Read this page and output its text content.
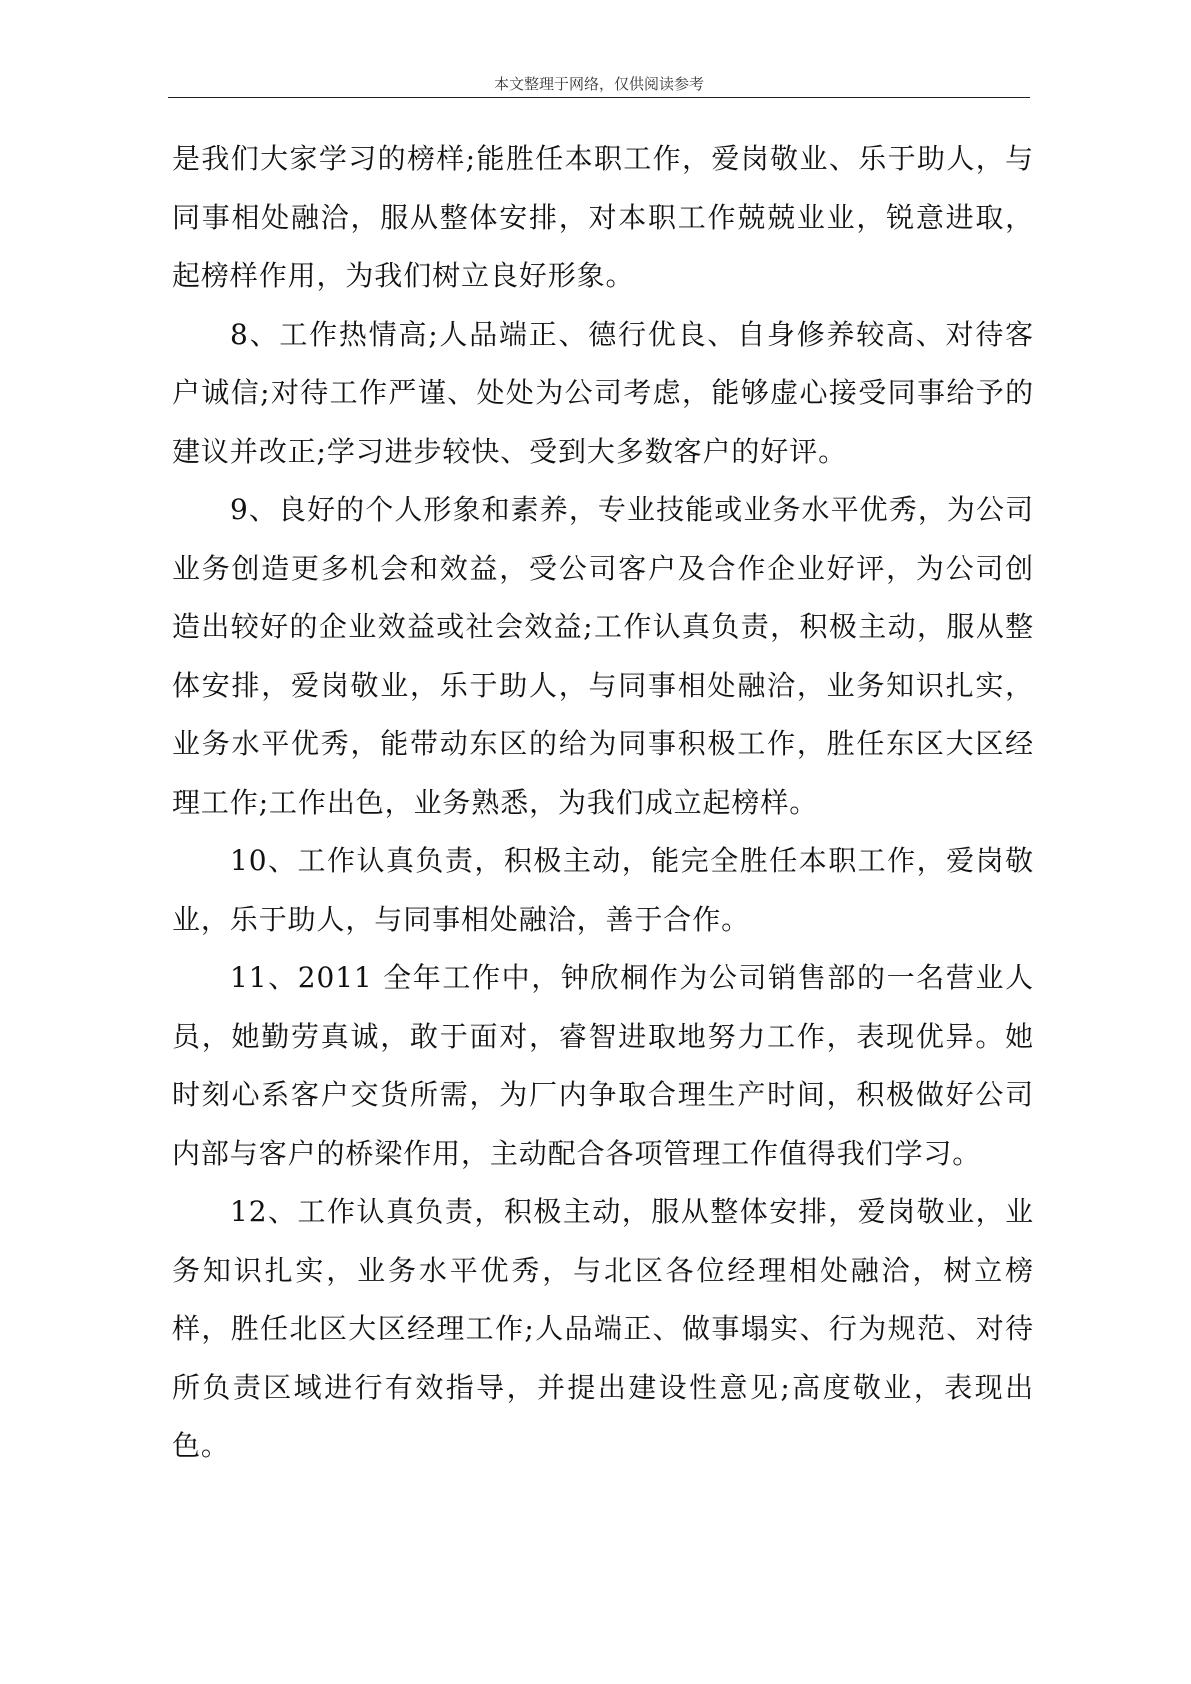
本文整理于网络，仅供阅读参考

是我们大家学习的榜样;能胜任本职工作，爱岗敬业、乐于助人，与同事相处融洽，服从整体安排，对本职工作兢兢业业，锐意进取，起榜样作用，为我们树立良好形象。

8、工作热情高;人品端正、德行优良、自身修养较高、对待客户诚信;对待工作严谨、处处为公司考虑，能够虚心接受同事给予的建议并改正;学习进步较快、受到大多数客户的好评。

9、良好的个人形象和素养，专业技能或业务水平优秀，为公司业务创造更多机会和效益，受公司客户及合作企业好评，为公司创造出较好的企业效益或社会效益;工作认真负责，积极主动，服从整体安排，爱岗敬业，乐于助人，与同事相处融洽，业务知识扎实，业务水平优秀，能带动东区的给为同事积极工作，胜任东区大区经理工作;工作出色，业务熟悉，为我们成立起榜样。

10、工作认真负责，积极主动，能完全胜任本职工作，爱岗敬业，乐于助人，与同事相处融洽，善于合作。

11、2011 全年工作中，钟欣桐作为公司销售部的一名营业人员，她勤劳真诚，敢于面对，睿智进取地努力工作，表现优异。她时刻心系客户交货所需，为厂内争取合理生产时间，积极做好公司内部与客户的桥梁作用，主动配合各项管理工作值得我们学习。

12、工作认真负责，积极主动，服从整体安排，爱岗敬业，业务知识扎实，业务水平优秀，与北区各位经理相处融洽，树立榜样，胜任北区大区经理工作;人品端正、做事塌实、行为规范、对待所负责区域进行有效指导，并提出建设性意见;高度敬业，表现出色。
